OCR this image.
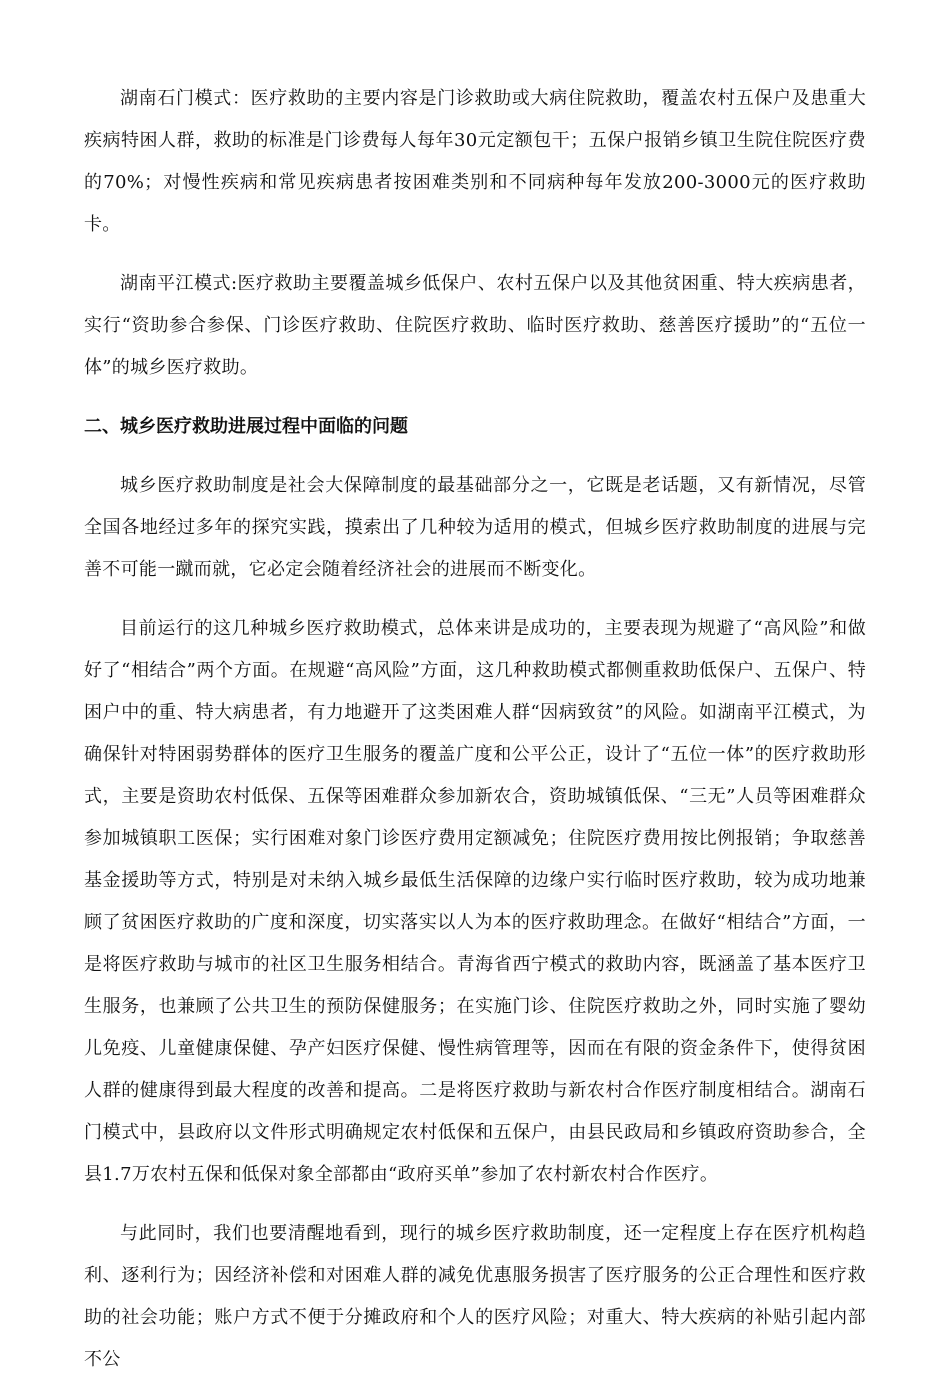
湖南石门模式：医疗救助的主要内容是门诊救助或大病住院救助，覆盖农村五保户及患重大疾病特困人群，救助的标准是门诊费每人每年30元定额包干；五保户报销乡镇卫生院住院医疗费的70%；对慢性疾病和常见疾病患者按困难类别和不同病种每年发放200-3000元的医疗救助卡。

湖南平江模式:医疗救助主要覆盖城乡低保户、农村五保户以及其他贫困重、特大疾病患者，实行“资助参合参保、门诊医疗救助、住院医疗救助、临时医疗救助、慈善医疗援助”的“五位一体”的城乡医疗救助。

二、城乡医疗救助进展过程中面临的问题

城乡医疗救助制度是社会大保障制度的最基础部分之一，它既是老话题，又有新情况，尽管全国各地经过多年的探究实践，摸索出了几种较为适用的模式，但城乡医疗救助制度的进展与完善不可能一蹴而就，它必定会随着经济社会的进展而不断变化。

目前运行的这几种城乡医疗救助模式，总体来讲是成功的，主要表现为规避了“高风险”和做好了“相结合”两个方面。在规避“高风险”方面，这几种救助模式都侧重救助低保户、五保户、特困户中的重、特大病患者，有力地避开了这类困难人群“因病致贫”的风险。如湖南平江模式，为确保针对特困弱势群体的医疗卫生服务的覆盖广度和公平公正，设计了“五位一体”的医疗救助形式，主要是资助农村低保、五保等困难群众参加新农合，资助城镇低保、“三无”人员等困难群众参加城镇职工医保；实行困难对象门诊医疗费用定额减免；住院医疗费用按比例报销；争取慈善基金援助等方式，特别是对未纳入城乡最低生活保障的边缘户实行临时医疗救助，较为成功地兼顾了贫困医疗救助的广度和深度，切实落实以人为本的医疗救助理念。在做好“相结合”方面，一是将医疗救助与城市的社区卫生服务相结合。青海省西宁模式的救助内容，既涵盖了基本医疗卫生服务，也兼顾了公共卫生的预防保健服务；在实施门诊、住院医疗救助之外，同时实施了婴幼儿免疫、儿童健康保健、孕产妇医疗保健、慢性病管理等，因而在有限的资金条件下，使得贫困人群的健康得到最大程度的改善和提高。二是将医疗救助与新农村合作医疗制度相结合。湖南石门模式中，县政府以文件形式明确规定农村低保和五保户，由县民政局和乡镇政府资助参合，全县1.7万农村五保和低保对象全部都由“政府买单”参加了农村新农村合作医疗。

与此同时，我们也要清醒地看到，现行的城乡医疗救助制度，还一定程度上存在医疗机构趋利、逐利行为；因经济补偿和对困难人群的减免优惠服务损害了医疗服务的公正合理性和医疗救助的社会功能；账户方式不便于分摊政府和个人的医疗风险；对重大、特大疾病的补贴引起内部不公
